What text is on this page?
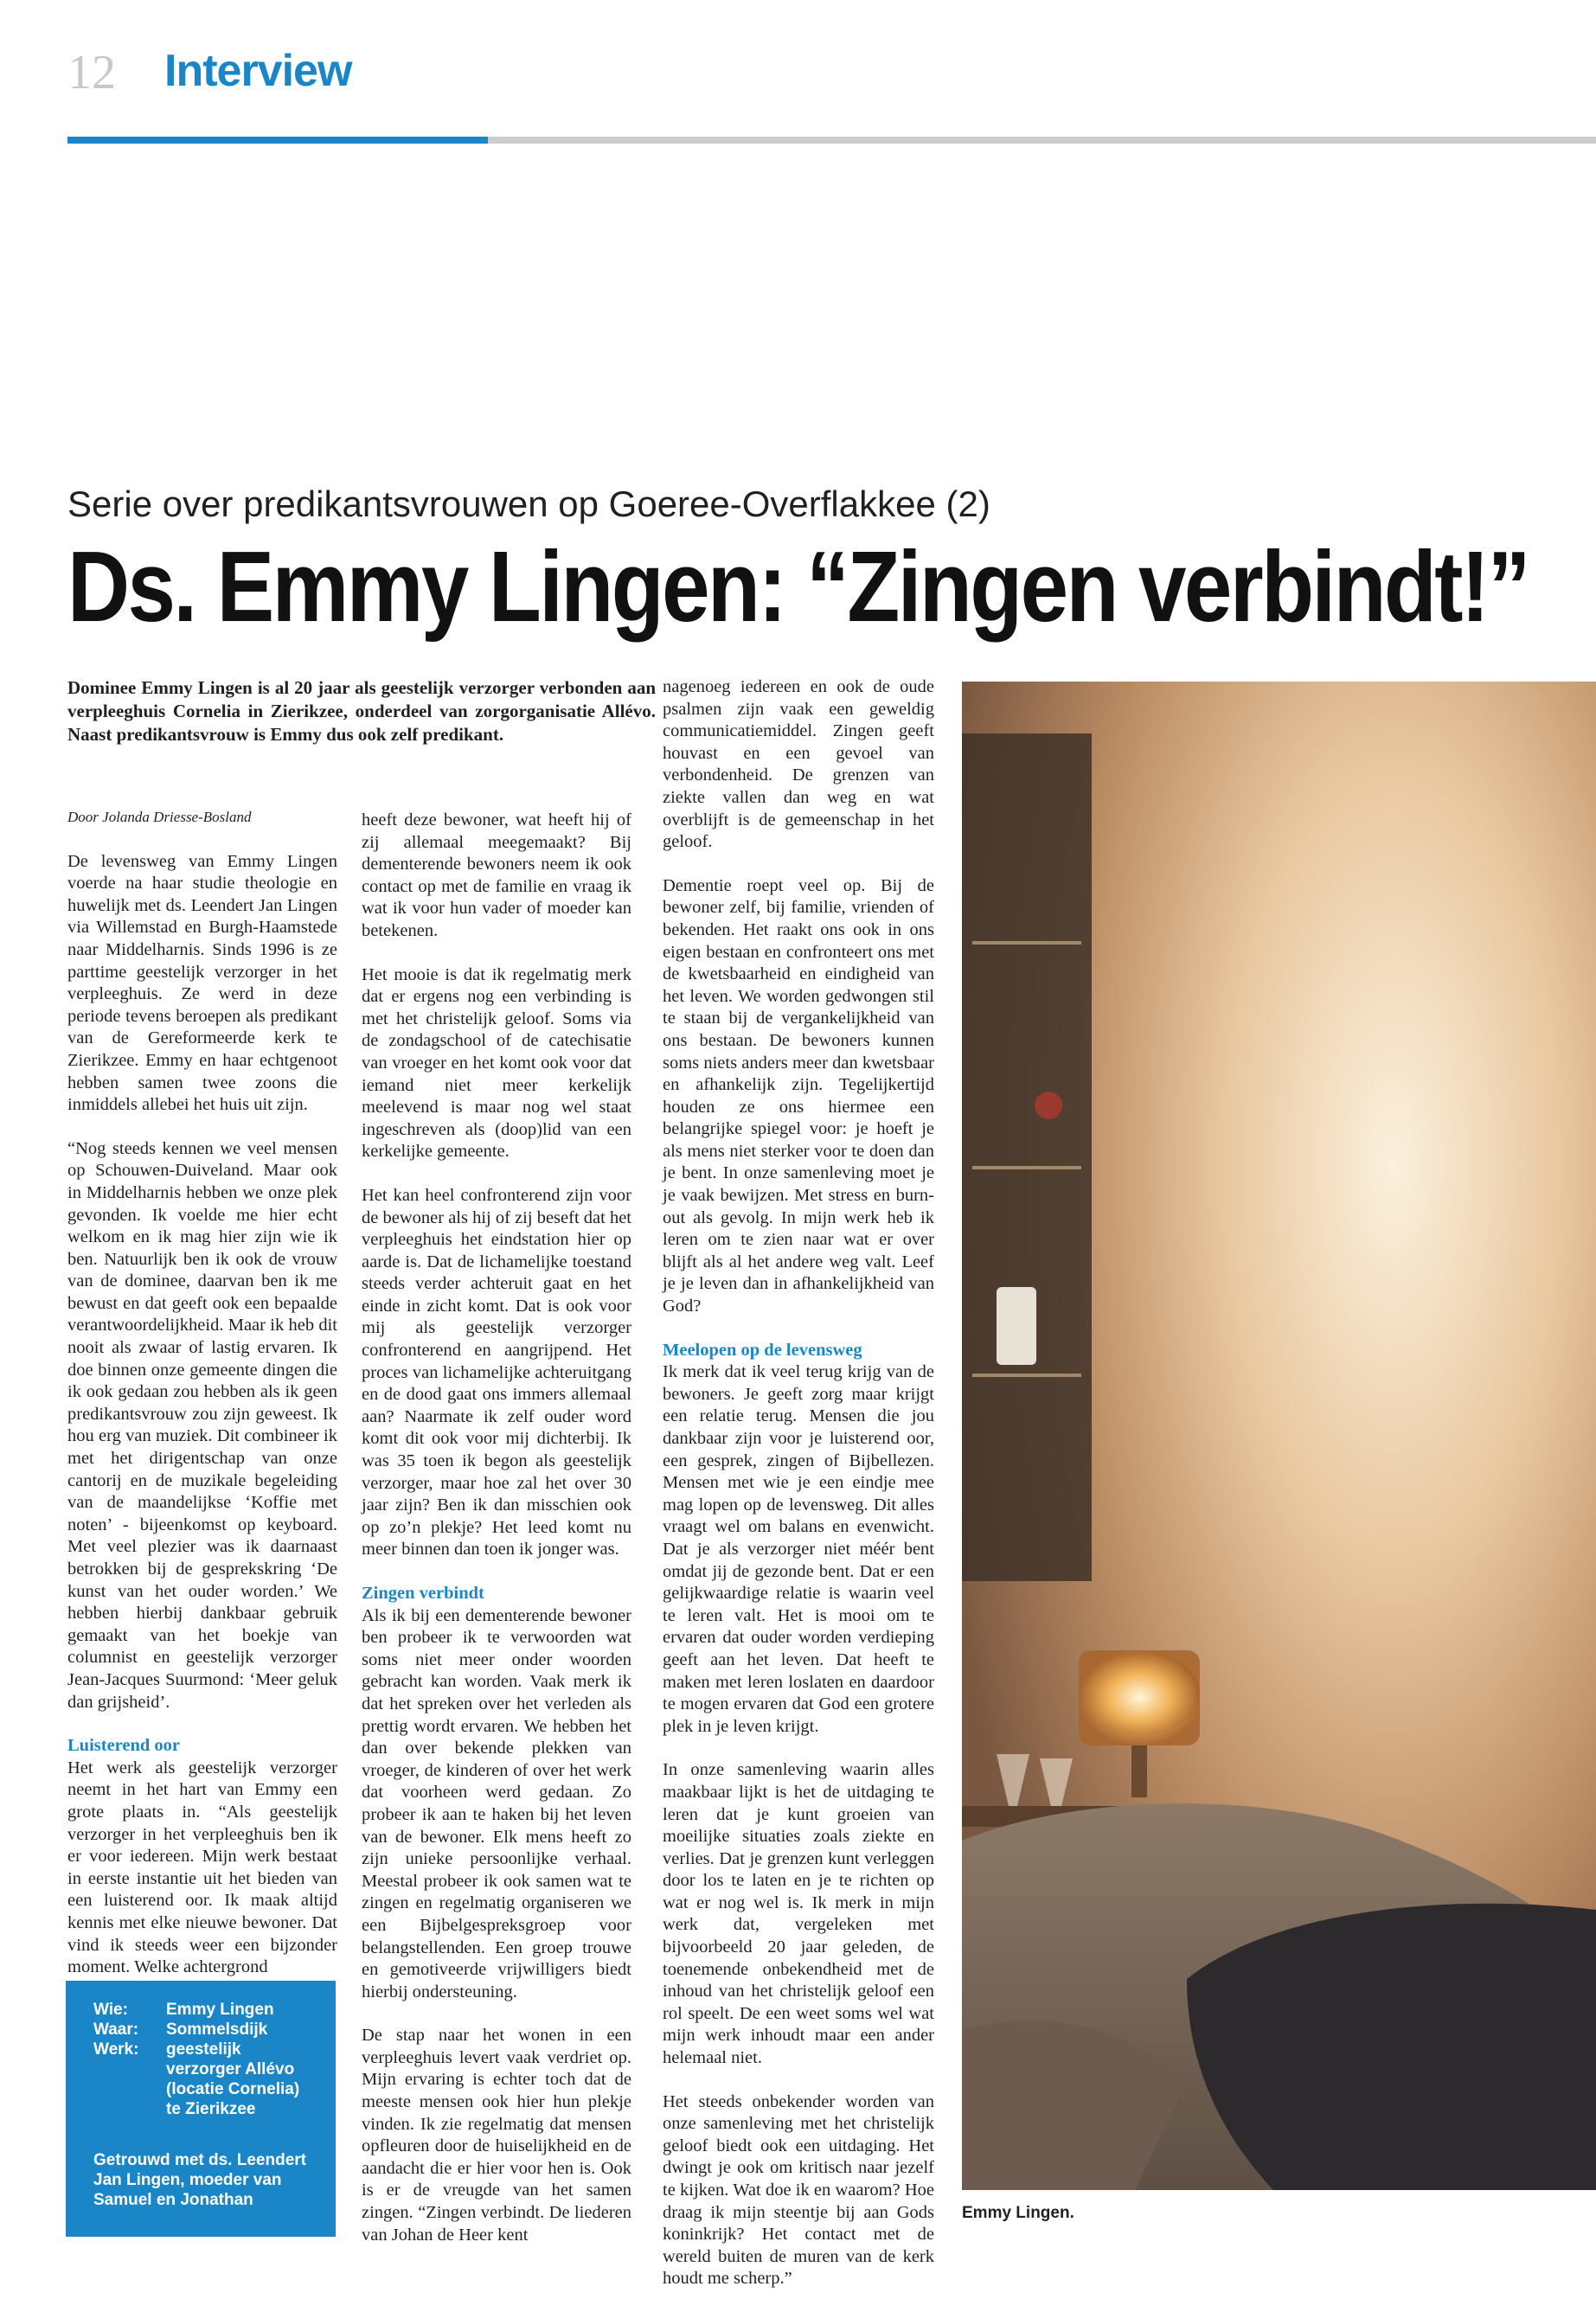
12 Interview
Serie over predikantsvrouwen op Goeree-Overflakkee (2)
Ds. Emmy Lingen: “Zingen verbindt!”
Dominee Emmy Lingen is al 20 jaar als geestelijk verzorger verbonden aan verpleeghuis Cornelia in Zierikzee, onderdeel van zorgorganisatie Allévo. Naast predikantsvrouw is Emmy dus ook zelf predikant.

Door Jolanda Driesse-Bosland

De levensweg van Emmy Lingen voerde na haar studie theologie en huwelijk met ds. Leendert Jan Lingen via Willemstad en Burgh-Haamstede naar Middelharnis. Sinds 1996 is ze parttime geestelijk verzorger in het verpleeghuis. Ze werd in deze periode tevens beroepen als predikant van de Gereformeerde kerk te Zierikzee. Emmy en haar echtgenoot hebben samen twee zoons die inmiddels allebei het huis uit zijn.

“Nog steeds kennen we veel mensen op Schouwen-Duiveland. Maar ook in Middelharnis hebben we onze plek gevonden. Ik voelde me hier echt welkom en ik mag hier zijn wie ik ben. Natuurlijk ben ik ook de vrouw van de dominee, daarvan ben ik me bewust en dat geeft ook een bepaalde verantwoordelijkheid. Maar ik heb dit nooit als zwaar of lastig ervaren. Ik doe binnen onze gemeente dingen die ik ook gedaan zou hebben als ik geen predikantsvrouw zou zijn geweest. Ik hou erg van muziek. Dit combineer ik met het dirigentschap van onze cantorij en de muzikale begeleiding van de maandelijkse ‘Koffie met noten’ - bijeenkomst op keyboard. Met veel plezier was ik daarnaast betrokken bij de gesprekskring ‘De kunst van het ouder worden.’ We hebben hierbij dankbaar gebruik gemaakt van het boekje van columnist en geestelijk verzorger Jean-Jacques Suurmond: ‘Meer geluk dan grijsheid’.

Luisterend oor

Het werk als geestelijk verzorger neemt in het hart van Emmy een grote plaats in. “Als geestelijk verzorger in het verpleeghuis ben ik er voor iedereen. Mijn werk bestaat in eerste instantie uit het bieden van een luisterend oor. Ik maak altijd kennis met elke nieuwe bewoner. Dat vind ik steeds weer een bijzonder moment. Welke achtergrond

heeft deze bewoner, wat heeft hij of zij allemaal meegemaakt? Bij dementerende bewoners neem ik ook contact op met de familie en vraag ik wat ik voor hun vader of moeder kan betekenen.

Het mooie is dat ik regelmatig merk dat er ergens nog een verbinding is met het christelijk geloof. Soms via de zondagschool of de catechisatie van vroeger en het komt ook voor dat iemand niet meer kerkelijk meelevend is maar nog wel staat ingeschreven als (doop)lid van een kerkelijke gemeente.

Het kan heel confronterend zijn voor de bewoner als hij of zij beseft dat het verpleeghuis het eindstation hier op aarde is. Dat de lichamelijke toestand steeds verder achteruit gaat en het einde in zicht komt. Dat is ook voor mij als geestelijk verzorger confronterend en aangrijpend. Het proces van lichamelijke achteruitgang en de dood gaat ons immers allemaal aan? Naarmate ik zelf ouder word komt dit ook voor mij dichterbij. Ik was 35 toen ik begon als geestelijk verzorger, maar hoe zal het over 30 jaar zijn? Ben ik dan misschien ook op zo’n plekje? Het leed komt nu meer binnen dan toen ik jonger was.

Zingen verbindt

Als ik bij een dementerende bewoner ben probeer ik te verwoorden wat soms niet meer onder woorden gebracht kan worden. Vaak merk ik dat het spreken over het verleden als prettig wordt ervaren. We hebben het dan over bekende plekken van vroeger, de kinderen of over het werk dat voorheen werd gedaan. Zo probeer ik aan te haken bij het leven van de bewoner. Elk mens heeft zo zijn unieke persoonlijke verhaal. Meestal probeer ik ook samen wat te zingen en regelmatig organiseren we een Bijbelgespreksgroep voor belangstellenden. Een groep trouwe en gemotiveerde vrijwilligers biedt hierbij ondersteuning.

De stap naar het wonen in een verpleeghuis levert vaak verdriet op. Mijn ervaring is echter toch dat de meeste mensen ook hier hun plekje vinden. Ik zie regelmatig dat mensen opfleuren door de huiselijkheid en de aandacht die er hier voor hen is. Ook is er de vreugde van het samen zingen. “Zingen verbindt. De liederen van Johan de Heer kent

nagenoeg iedereen en ook de oude psalmen zijn vaak een geweldig communicatiemiddel. Zingen geeft houvast en een gevoel van verbondenheid. De grenzen van ziekte vallen dan weg en wat overblijft is de gemeenschap in het geloof.

Dementie roept veel op. Bij de bewoner zelf, bij familie, vrienden of bekenden. Het raakt ons ook in ons eigen bestaan en confronteert ons met de kwetsbaarheid en eindigheid van het leven. We worden gedwongen stil te staan bij de vergankelijkheid van ons bestaan. De bewoners kunnen soms niets anders meer dan kwetsbaar en afhankelijk zijn. Tegelijkertijd houden ze ons hiermee een belangrijke spiegel voor: je hoeft je als mens niet sterker voor te doen dan je bent. In onze samenleving moet je je vaak bewijzen. Met stress en burn-out als gevolg. In mijn werk heb ik leren om te zien naar wat er over blijft als al het andere weg valt. Leef je je leven dan in afhankelijkheid van God?

Meelopen op de levensweg

Ik merk dat ik veel terug krijg van de bewoners. Je geeft zorg maar krijgt een relatie terug. Mensen die jou dankbaar zijn voor je luisterend oor, een gesprek, zingen of Bijbellezen. Mensen met wie je een eindje mee mag lopen op de levensweg. Dit alles vraagt wel om balans en evenwicht. Dat je als verzorger niet méér bent omdat jij de gezonde bent. Dat er een gelijkwaardige relatie is waarin veel te leren valt. Het is mooi om te ervaren dat ouder worden verdieping geeft aan het leven. Dat heeft te maken met leren loslaten en daardoor te mogen ervaren dat God een grotere plek in je leven krijgt.

In onze samenleving waarin alles maakbaar lijkt is het de uitdaging te leren dat je kunt groeien van moeilijke situaties zoals ziekte en verlies. Dat je grenzen kunt verleggen door los te laten en je te richten op wat er nog wel is. Ik merk in mijn werk dat, vergeleken met bijvoorbeeld 20 jaar geleden, de toenemende onbekendheid met de inhoud van het christelijk geloof een rol speelt. De een weet soms wel wat mijn werk inhoudt maar een ander helemaal niet.

Het steeds onbekender worden van onze samenleving met het christelijk geloof biedt ook een uitdaging. Het dwingt je ook om kritisch naar jezelf te kijken. Wat doe ik en waarom? Hoe draag ik mijn steentje bij aan Gods koninkrijk? Het contact met de wereld buiten de muren van de kerk houdt me scherp.”

Wie:	Emmy Lingen
Waar:	Sommelsdijk
Werk:	geestelijk verzorger Allévo (locatie Cornelia) te Zierikzee
Getrouwd met ds. Leendert Jan Lingen, moeder van Samuel en Jonathan
Emmy Lingen.
